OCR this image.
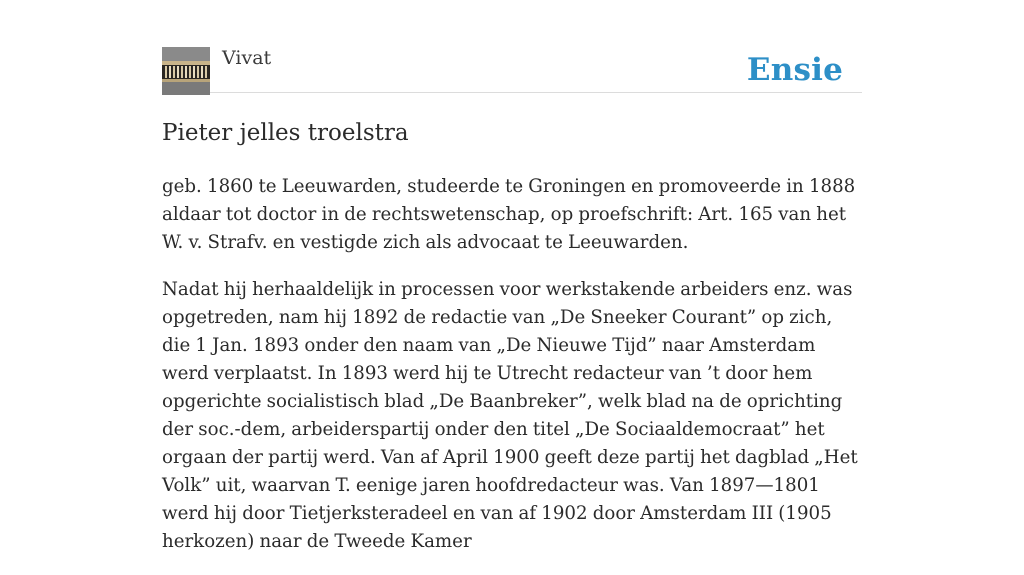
Vivat	Ensie
Pieter jelles troelstra

geb. 1860 te Leeuwarden, studeerde te Groningen en promoveerde in 1888 aldaar tot doctor in de rechtswetenschap, op proefschrift: Art. 165 van het W. v. Strafv. en vestigde zich als advocaat te Leeuwarden.

Nadat hij herhaaldelijk in processen voor werkstakende arbeiders enz. was opgetreden, nam hij 1892 de redactie van „De Sneeker Courant” op zich, die 1 Jan. 1893 onder den naam van „De Nieuwe Tijd” naar Amsterdam werd verplaatst. In 1893 werd hij te Utrecht redacteur van ’t door hem opgerichte socialistisch blad „De Baanbreker”, welk blad na de oprichting der soc.-dem, arbeiderspartij onder den titel „De Sociaaldemocraat” het orgaan der partij werd. Van af April 1900 geeft deze partij het dagblad „Het Volk” uit, waarvan T. eenige jaren hoofdredacteur was. Van 1897—1801 werd hij door Tietjerksteradeel en van af 1902 door Amsterdam III (1905 herkozen) naar de Tweede Kamer
